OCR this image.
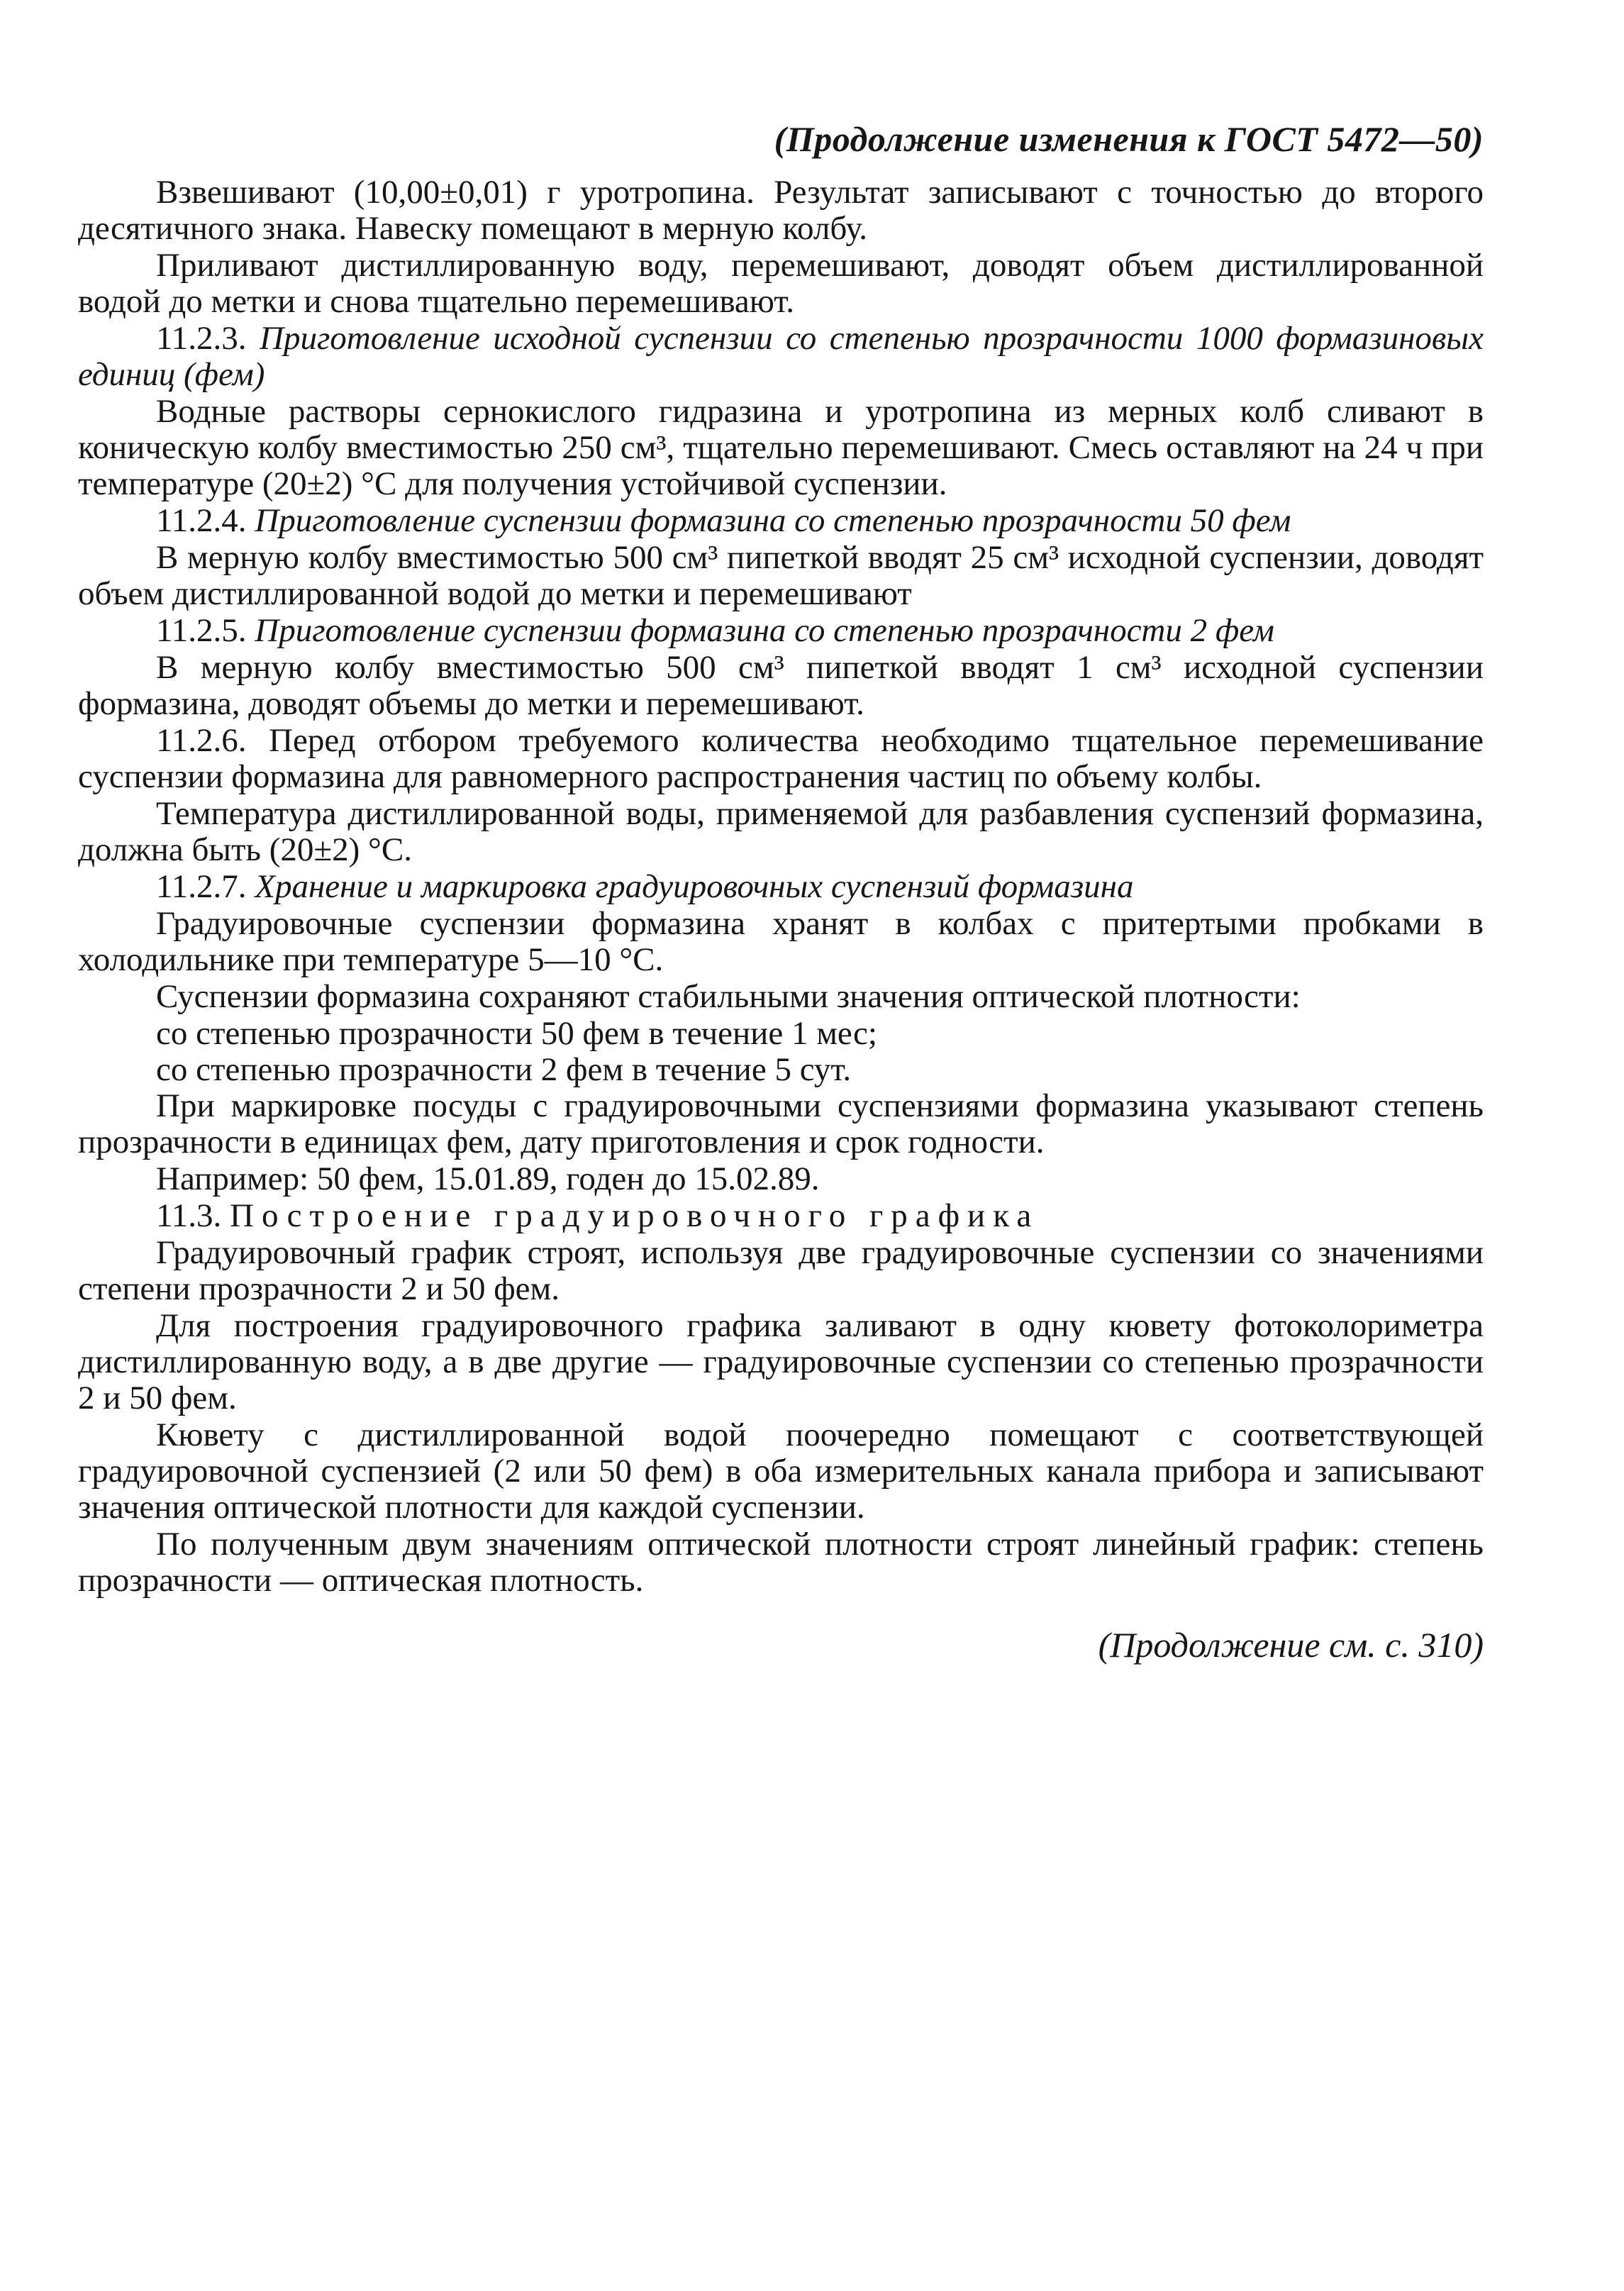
(Продолжение изменения к ГОСТ 5472—50)

Взвешивают (10,00±0,01) г уротропина. Результат записывают с точностью до второго десятичного знака. Навеску помещают в мерную колбу.

Приливают дистиллированную воду, перемешивают, доводят объем дистиллированной водой до метки и снова тщательно перемешивают.

11.2.3. Приготовление исходной суспензии со степенью прозрачности 1000 формазиновых единиц (фем)

Водные растворы сернокислого гидразина и уротропина из мерных колб сливают в коническую колбу вместимостью 250 см³, тщательно перемешивают. Смесь оставляют на 24 ч при температуре (20±2) °С для получения устойчивой суспензии.

11.2.4. Приготовление суспензии формазина со степенью прозрачности 50 фем

В мерную колбу вместимостью 500 см³ пипеткой вводят 25 см³ исходной суспензии, доводят объем дистиллированной водой до метки и перемешивают

11.2.5. Приготовление суспензии формазина со степенью прозрачности 2 фем

В мерную колбу вместимостью 500 см³ пипеткой вводят 1 см³ исходной суспензии формазина, доводят объемы до метки и перемешивают.

11.2.6. Перед отбором требуемого количества необходимо тщательное перемешивание суспензии формазина для равномерного распространения частиц по объему колбы.

Температура дистиллированной воды, применяемой для разбавления суспензий формазина, должна быть (20±2) °С.

11.2.7. Хранение и маркировка градуировочных суспензий формазина

Градуировочные суспензии формазина хранят в колбах с притертыми пробками в холодильнике при температуре 5—10 °С.

Суспензии формазина сохраняют стабильными значения оптической плотности:

со степенью прозрачности 50 фем в течение 1 мес;

со степенью прозрачности 2 фем в течение 5 сут.

При маркировке посуды с градуировочными суспензиями формазина указывают степень прозрачности в единицах фем, дату приготовления и срок годности.

Например: 50 фем, 15.01.89, годен до 15.02.89.

11.3. Построение градуировочного графика

Градуировочный график строят, используя две градуировочные суспензии со значениями степени прозрачности 2 и 50 фем.

Для построения градуировочного графика заливают в одну кювету фотоколориметра дистиллированную воду, а в две другие — градуировочные суспензии со степенью прозрачности 2 и 50 фем.

Кювету с дистиллированной водой поочередно помещают с соответствующей градуировочной суспензией (2 или 50 фем) в оба измерительных канала прибора и записывают значения оптической плотности для каждой суспензии.

По полученным двум значениям оптической плотности строят линейный график: степень прозрачности — оптическая плотность.

(Продолжение см. с. 310)
